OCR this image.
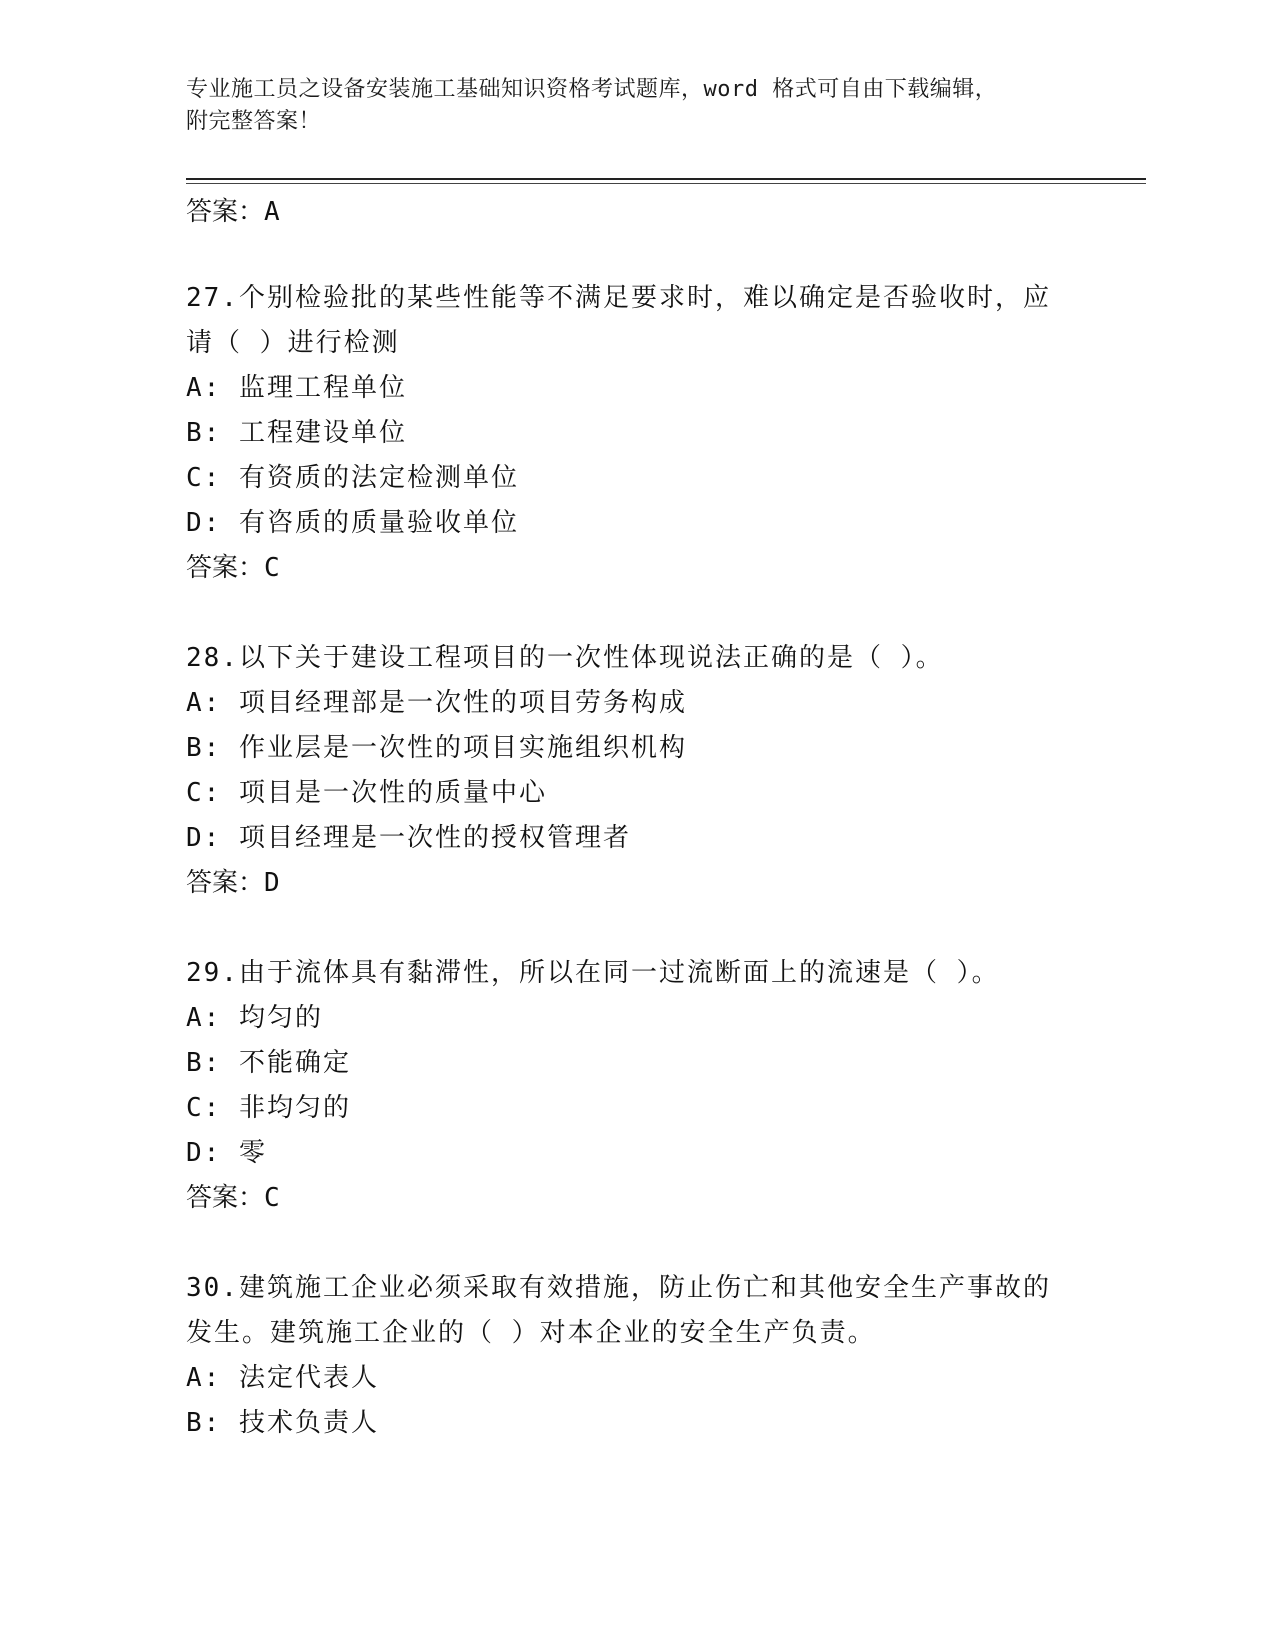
专业施工员之设备安装施工基础知识资格考试题库，word 格式可自由下载编辑，
附完整答案！
答案：A
27.个别检验批的某些性能等不满足要求时，难以确定是否验收时，应
请（ ）进行检测
A: 监理工程单位
B: 工程建设单位
C: 有资质的法定检测单位
D: 有咨质的质量验收单位
答案：C
28.以下关于建设工程项目的一次性体现说法正确的是（ ）。
A: 项目经理部是一次性的项目劳务构成
B: 作业层是一次性的项目实施组织机构
C: 项目是一次性的质量中心
D: 项目经理是一次性的授权管理者
答案：D
29.由于流体具有黏滞性，所以在同一过流断面上的流速是（ ）。
A: 均匀的
B: 不能确定
C: 非均匀的
D: 零
答案：C
30.建筑施工企业必须采取有效措施，防止伤亡和其他安全生产事故的
发生。建筑施工企业的（ ）对本企业的安全生产负责。
A: 法定代表人
B: 技术负责人
